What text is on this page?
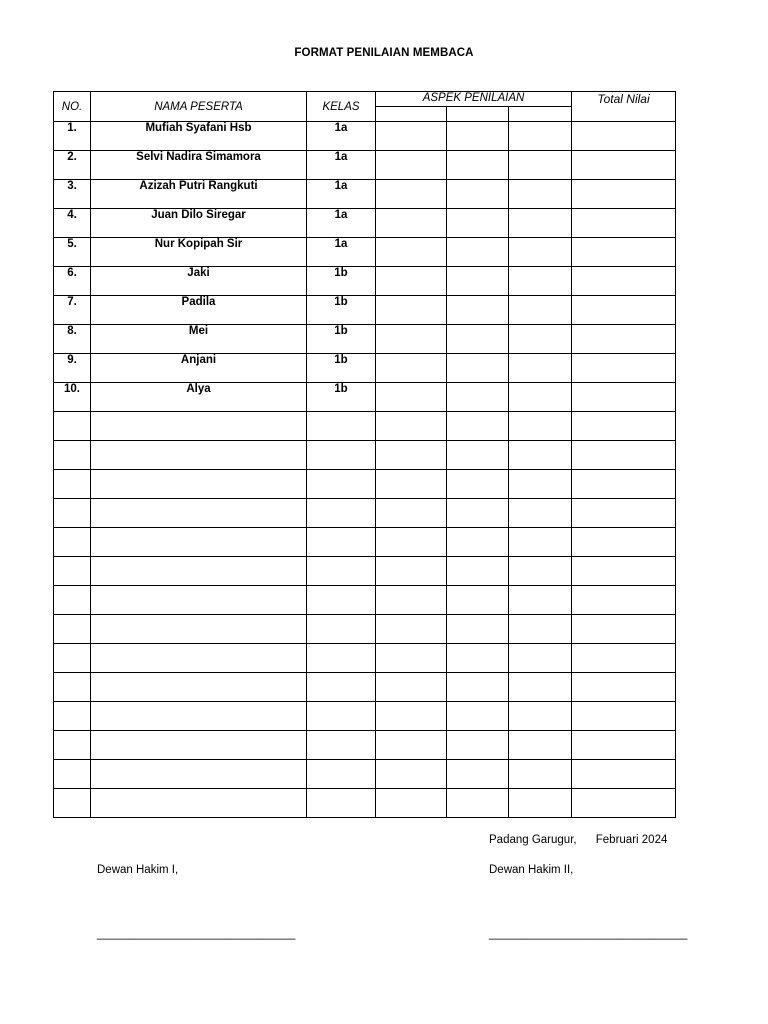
FORMAT PENILAIAN MEMBACA
NO.	NAMA PESERTA	KELAS	ASPEK PENILAIAN			Total Nilai

1.	Mufiah Syafani Hsb	1a				
2.	Selvi Nadira Simamora	1a				
3.	Azizah Putri Rangkuti	1a				
4.	Juan Dilo Siregar	1a				
5.	Nur Kopipah Sir	1a				
6.	Jaki	1b				
7.	Padila	1b				
8.	Mei	1b				
9.	Anjani	1b				
10.	Alya	1b				

Padang Garugur,      Februari 2024
Dewan Hakim I,	Dewan Hakim II,
_______________________________	_______________________________
